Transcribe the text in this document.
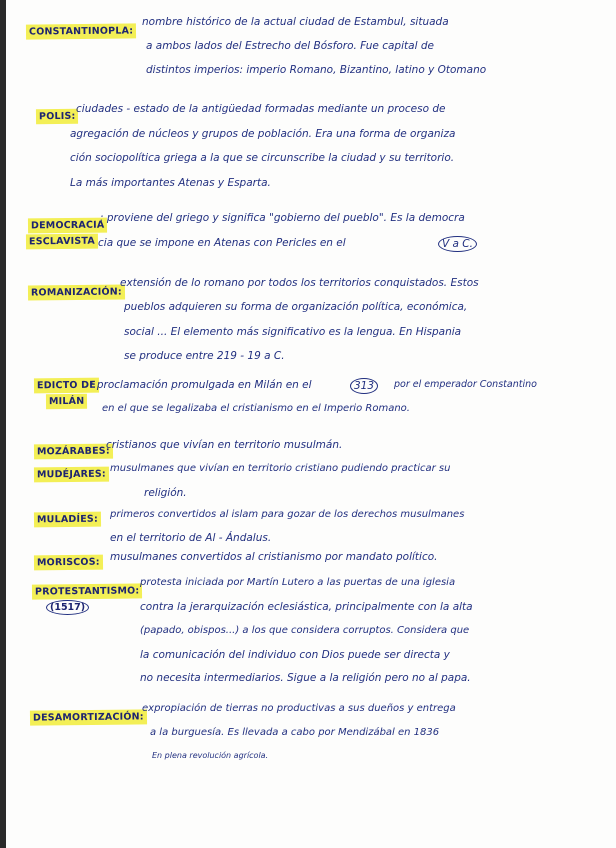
CONSTANTINOPLA:
nombre histórico de la actual ciudad de Estambul, situada
a ambos lados del Estrecho del Bósforo. Fue capital de
distintos imperios: imperio Romano, Bizantino, latino y Otomano
POLIS:
ciudades - estado de la antigüedad formadas mediante un proceso de
agregación de núcleos y grupos de población. Era una forma de organiza
ción sociopolítica griega a la que se circunscribe la ciudad y su territorio.
La más importantes Atenas y Esparta.
DEMOCRACIA
ESCLAVISTA
: proviene del griego y significa "gobierno del pueblo". Es la democra
cia que se impone en Atenas con Pericles en el	V a C.
ROMANIZACIÓN:
extensión de lo romano por todos los territorios conquistados. Estos
pueblos adquieren su forma de organización política, económica,
social ... El elemento más significativo es la lengua. En Hispania
se produce entre 219 - 19 a C.
EDICTO DE
MILÁN
: proclamación promulgada en Milán en el	313	por el emperador Constantino
en el que se legalizaba el cristianismo en el Imperio Romano.
MOZÁRABES:
cristianos que vivían en territorio musulmán.
MUDÉJARES:
musulmanes que vivían en territorio cristiano pudiendo practicar su
religión.
MULADÍES:	primeros convertidos al islam para gozar de los derechos musulmanes
en el territorio de Al - Ándalus.
MORISCOS: musulmanes convertidos al cristianismo por mandato político.
PROTESTANTISMO:
(1517)
protesta iniciada por Martín Lutero a las puertas de una iglesia
contra la jerarquización eclesiástica, principalmente con la alta
(papado, obispos...) a los que considera corruptos. Considera que
la comunicación del individuo con Dios puede ser directa y
no necesita intermediarios. Sigue a la religión pero no al papa.
DESAMORTIZACIÓN:
expropiación de tierras no productivas a sus dueños y entrega
a la burguesía. Es llevada a cabo por Mendizábal en 1836
En plena revolución agrícola.
